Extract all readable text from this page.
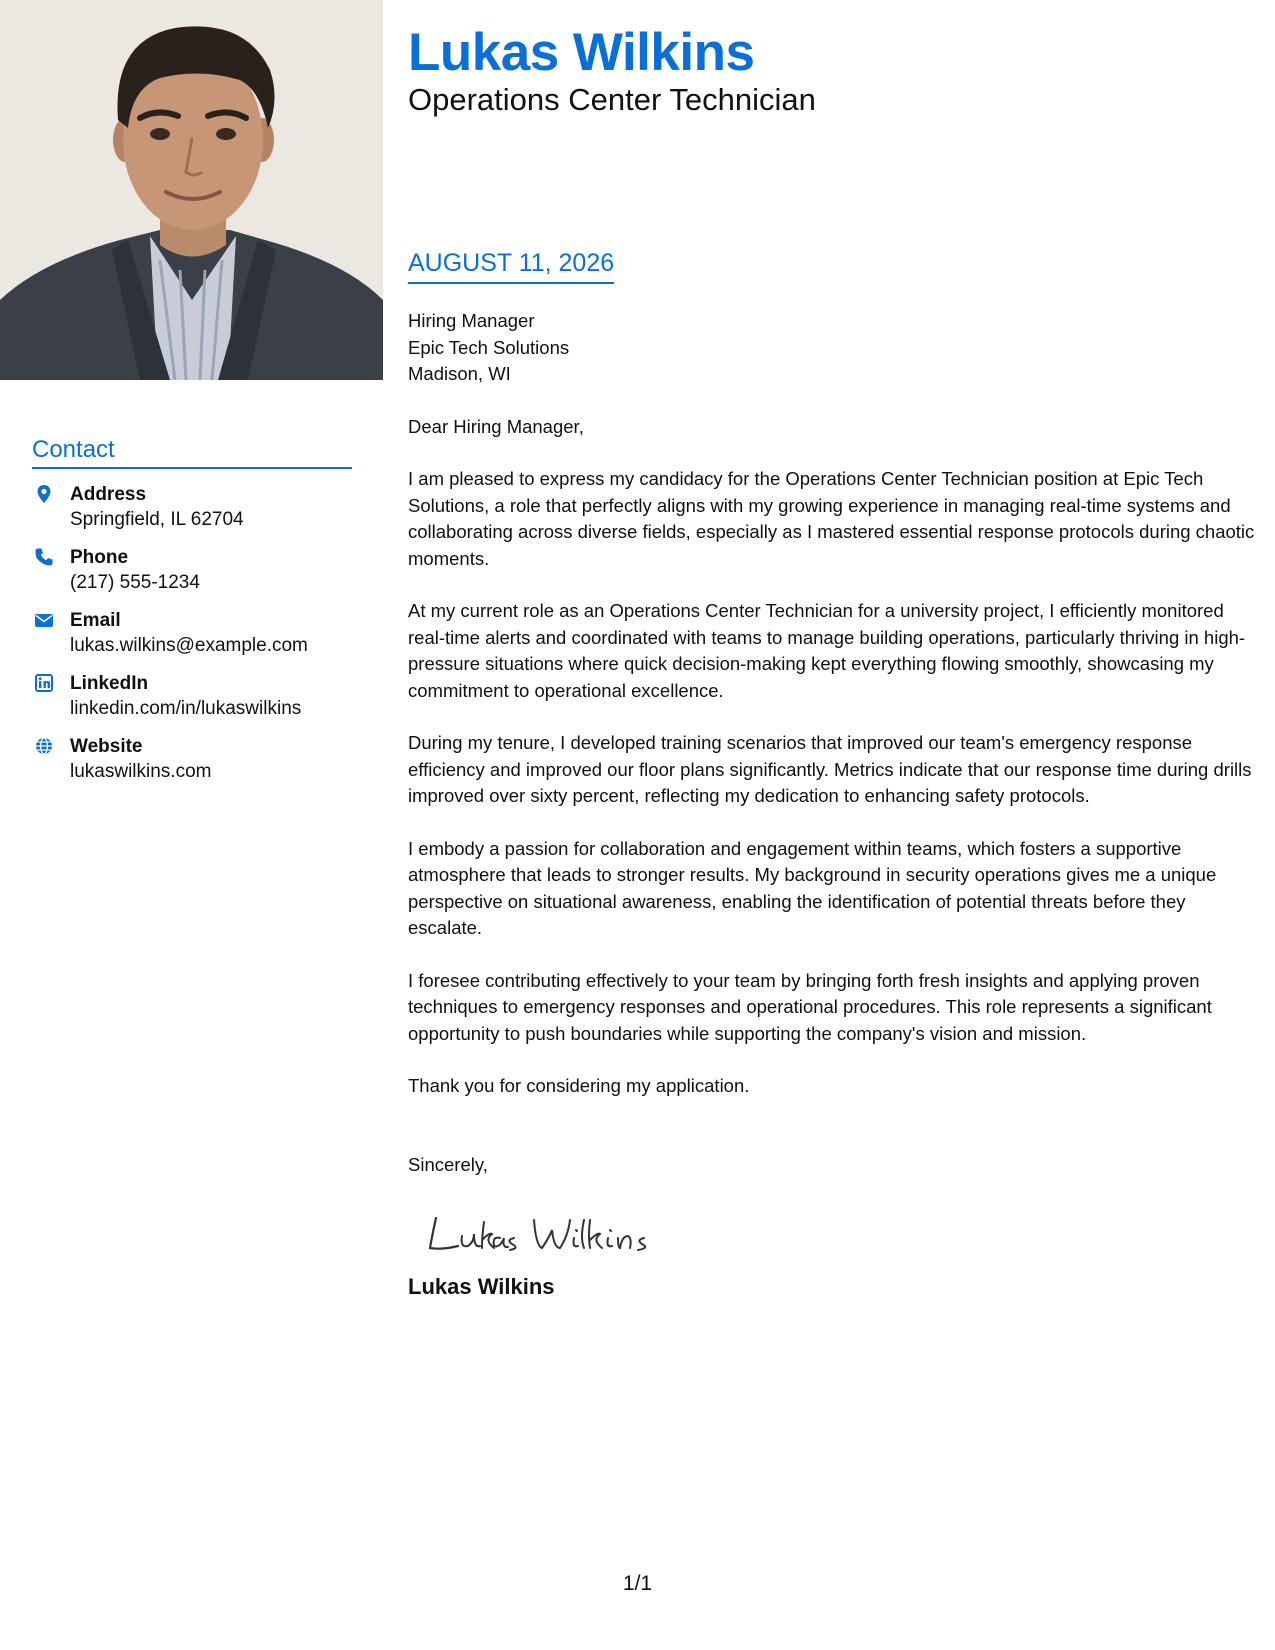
Contact
Address
Springfield, IL 62704
Phone
(217) 555-1234
Email
lukas.wilkins@example.com
LinkedIn
linkedin.com/in/lukaswilkins
Website
lukaswilkins.com
Lukas Wilkins
Operations Center Technician
AUGUST 11, 2026
Hiring Manager
Epic Tech Solutions
Madison, WI

Dear Hiring Manager,

I am pleased to express my candidacy for the Operations Center Technician position at Epic Tech Solutions, a role that perfectly aligns with my growing experience in managing real-time systems and collaborating across diverse fields, especially as I mastered essential response protocols during chaotic moments.

At my current role as an Operations Center Technician for a university project, I efficiently monitored real-time alerts and coordinated with teams to manage building operations, particularly thriving in high-pressure situations where quick decision-making kept everything flowing smoothly, showcasing my commitment to operational excellence.

During my tenure, I developed training scenarios that improved our team's emergency response efficiency and improved our floor plans significantly. Metrics indicate that our response time during drills improved over sixty percent, reflecting my dedication to enhancing safety protocols.

I embody a passion for collaboration and engagement within teams, which fosters a supportive atmosphere that leads to stronger results. My background in security operations gives me a unique perspective on situational awareness, enabling the identification of potential threats before they escalate.

I foresee contributing effectively to your team by bringing forth fresh insights and applying proven techniques to emergency responses and operational procedures. This role represents a significant opportunity to push boundaries while supporting the company's vision and mission.

Thank you for considering my application.

Sincerely,
Lukas Wilkins
1/1
